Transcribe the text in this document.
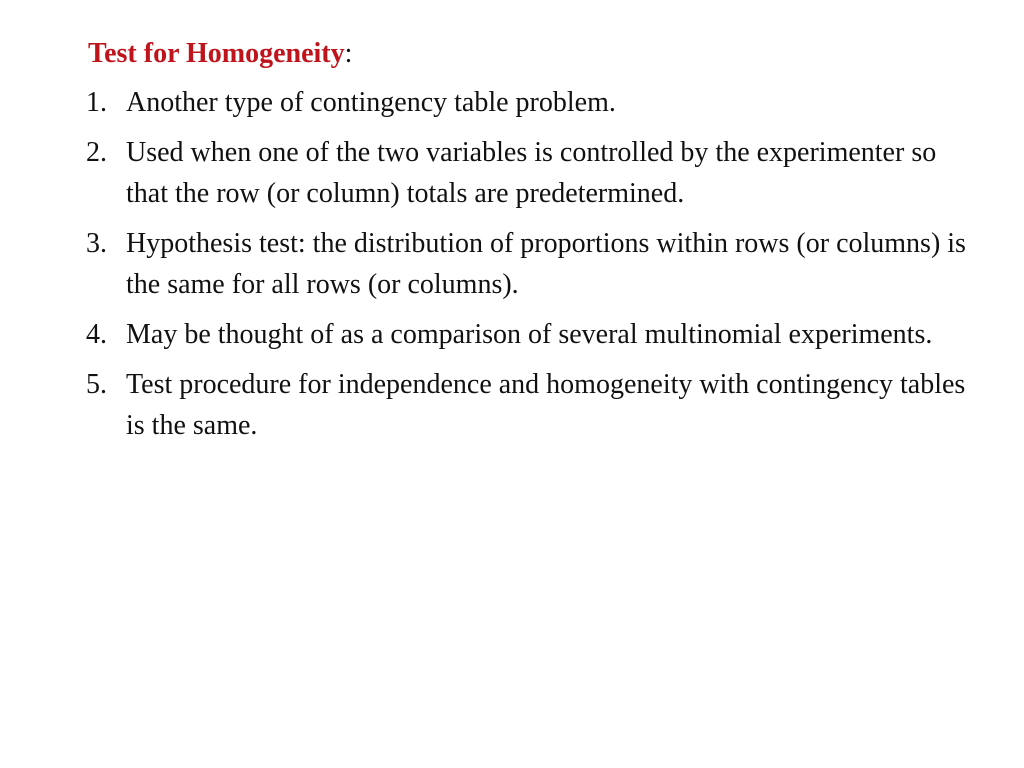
Test for Homogeneity:
1. Another type of contingency table problem.
2. Used when one of the two variables is controlled by the experimenter so that the row (or column) totals are predetermined.
3. Hypothesis test: the distribution of proportions within rows (or columns) is the same for all rows (or columns).
4. May be thought of as a comparison of several multinomial experiments.
5. Test procedure for independence and homogeneity with contingency tables is the same.
